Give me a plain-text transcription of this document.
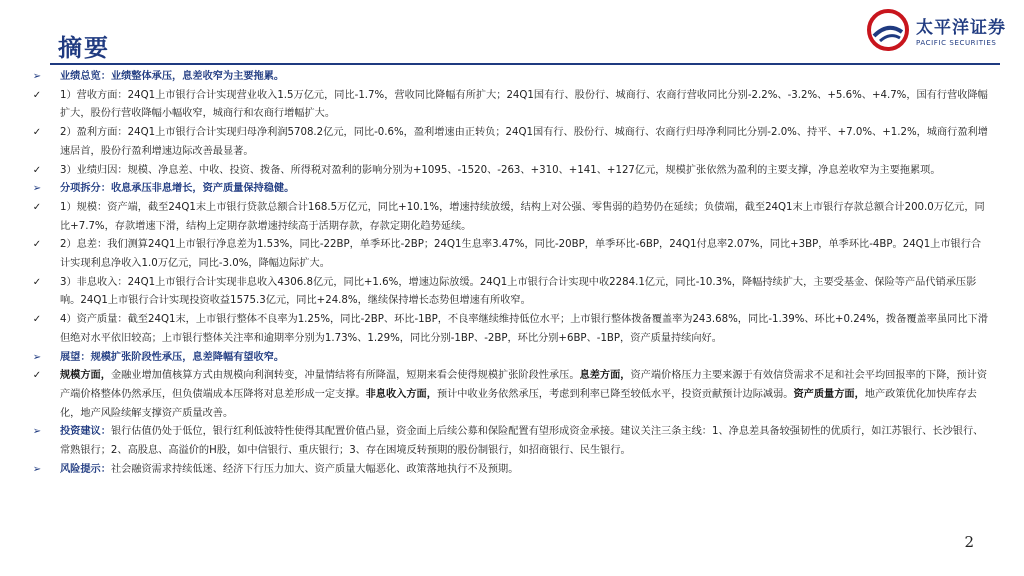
摘要
太平洋证券
PACIFIC SECURITIES
➢ 业绩总览：业绩整体承压，息差收窄为主要拖累。
✓ 1）营收方面：24Q1上市银行合计实现营业收入1.5万亿元，同比-1.7%，营收同比降幅有所扩大；24Q1国有行、股份行、城商行、农商行营收同比分别-2.2%、-3.2%、+5.6%、+4.7%，国有行营收降幅扩大，股份行营收降幅小幅收窄，城商行和农商行增幅扩大。
✓ 2）盈利方面：24Q1上市银行合计实现归母净利润5708.2亿元，同比-0.6%，盈利增速由正转负；24Q1国有行、股份行、城商行、农商行归母净利同比分别-2.0%、持平、+7.0%、+1.2%，城商行盈利增速居首，股份行盈利增速边际改善最显著。
✓ 3）业绩归因：规模、净息差、中收、投资、拨备、所得税对盈利的影响分别为+1095、-1520、-263、+310、+141、+127亿元，规模扩张依然为盈利的主要支撑，净息差收窄为主要拖累项。
➢ 分项拆分：收息承压非息增长，资产质量保持稳健。
✓ 1）规模：资产端，截至24Q1末上市银行贷款总额合计168.5万亿元，同比+10.1%，增速持续放缓，结构上对公强、零售弱的趋势仍在延续；负债端，截至24Q1末上市银行存款总额合计200.0万亿元，同比+7.7%，存款增速下滑，结构上定期存款增速持续高于活期存款，存款定期化趋势延续。
✓ 2）息差：我们测算24Q1上市银行净息差为1.53%，同比-22BP，单季环比-2BP；24Q1生息率3.47%，同比-20BP，单季环比-6BP，24Q1付息率2.07%，同比+3BP，单季环比-4BP。24Q1上市银行合计实现利息净收入1.0万亿元，同比-3.0%，降幅边际扩大。
✓ 3）非息收入：24Q1上市银行合计实现非息收入4306.8亿元，同比+1.6%，增速边际放缓。24Q1上市银行合计实现中收2284.1亿元，同比-10.3%，降幅持续扩大，主要受基金、保险等产品代销承压影响。24Q1上市银行合计实现投资收益1575.3亿元，同比+24.8%，继续保持增长态势但增速有所收窄。
✓ 4）资产质量：截至24Q1末，上市银行整体不良率为1.25%，同比-2BP、环比-1BP，不良率继续维持低位水平；上市银行整体拨备覆盖率为243.68%，同比-1.39%、环比+0.24%，拨备覆盖率虽同比下滑但绝对水平依旧较高；上市银行整体关注率和逾期率分别为1.73%、1.29%，同比分别-1BP、-2BP，环比分别+6BP、-1BP，资产质量持续向好。
➢ 展望：规模扩张阶段性承压，息差降幅有望收窄。
✓ 规模方面，金融业增加值核算方式由规模向利润转变，冲量情结将有所降温，短期来看会使得规模扩张阶段性承压。息差方面，资产端价格压力主要来源于有效信贷需求不足和社会平均回报率的下降，预计资产端价格整体仍然承压，但负债端成本压降将对息差形成一定支撑。非息收入方面，预计中收业务依然承压，考虑到利率已降至较低水平，投资贡献预计边际减弱。资产质量方面，地产政策优化加快库存去化，地产风险续解支撑资产质量改善。
➢ 投资建议：银行估值仍处于低位，银行红利低波特性使得其配置价值凸显，资金面上后续公募和保险配置有望形成资金承接。建议关注三条主线：1、净息差具备较强韧性的优质行，如江苏银行、长沙银行、常熟银行；2、高股息、高溢价的H股，如中信银行、重庆银行；3、存在困境反转预期的股份制银行，如招商银行、民生银行。
➢ 风险提示：社会融资需求持续低迷、经济下行压力加大、资产质量大幅恶化、政策落地执行不及预期。
2
